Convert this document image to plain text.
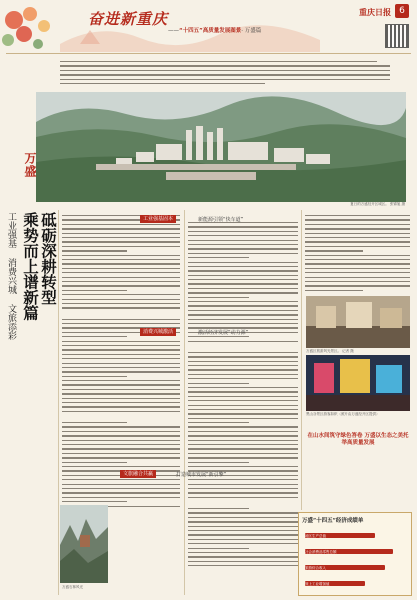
奋进新重庆
——“十四五”高质量发展图景· 万盛篇
重庆日报 6
夏日的万盛经开区城区。 张锦旭 摄
万盛
砥砺深耕转型
乘势而上谱新篇
工业强基 消费兴城 文旅添彩	工业强基固本	新能源引领“快车道”
消费兴城激活	激活经济发展“动力源”
文旅融合共赢	打造城市发展“新引擎”
万盛石林风光
万盛区旅游风光景区。 记者 摄
黑山谷景区游客如织（照片由万盛经开区提供）
在山水间筑守绿色答卷 万盛以生态之美托举高质量发展
万盛“十四五”经济成绩单
地区生产总值
社会消费品零售总额
旅游综合收入
规上工业增加值
